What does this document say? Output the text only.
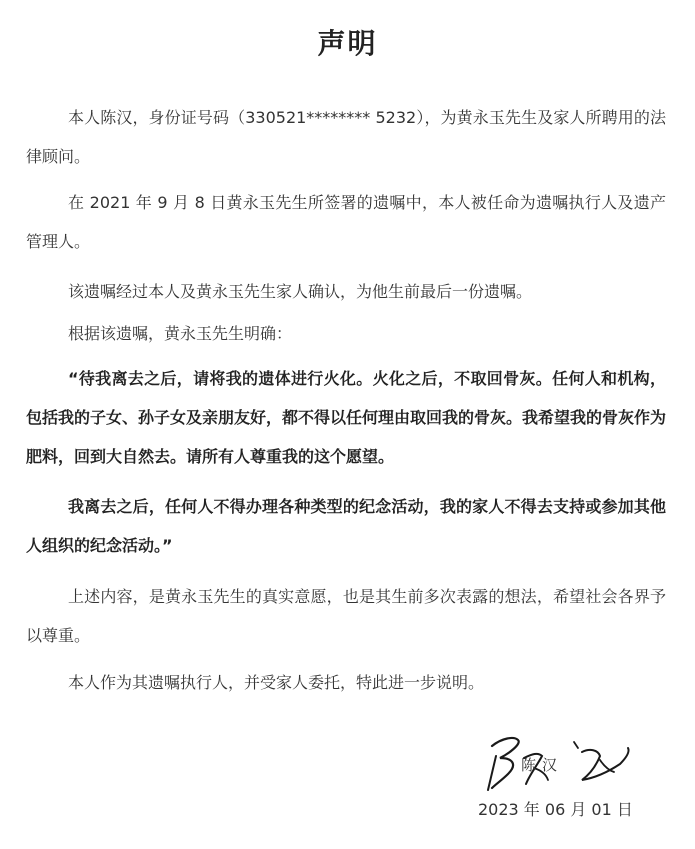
声明
本人陈汉，身份证号码（330521******** 5232），为黄永玉先生及家人所聘用的法律顾问。
在 2021 年 9 月 8 日黄永玉先生所签署的遗嘱中，本人被任命为遗嘱执行人及遗产管理人。
该遗嘱经过本人及黄永玉先生家人确认，为他生前最后一份遗嘱。
根据该遗嘱，黄永玉先生明确：
“待我离去之后，请将我的遗体进行火化。火化之后，不取回骨灰。任何人和机构，包括我的子女、孙子女及亲朋友好，都不得以任何理由取回我的骨灰。我希望我的骨灰作为肥料，回到大自然去。请所有人尊重我的这个愿望。
我离去之后，任何人不得办理各种类型的纪念活动，我的家人不得去支持或参加其他人组织的纪念活动。”
上述内容，是黄永玉先生的真实意愿，也是其生前多次表露的想法，希望社会各界予以尊重。
本人作为其遗嘱执行人，并受家人委托，特此进一步说明。
陈汉
2023 年 06 月 01 日
